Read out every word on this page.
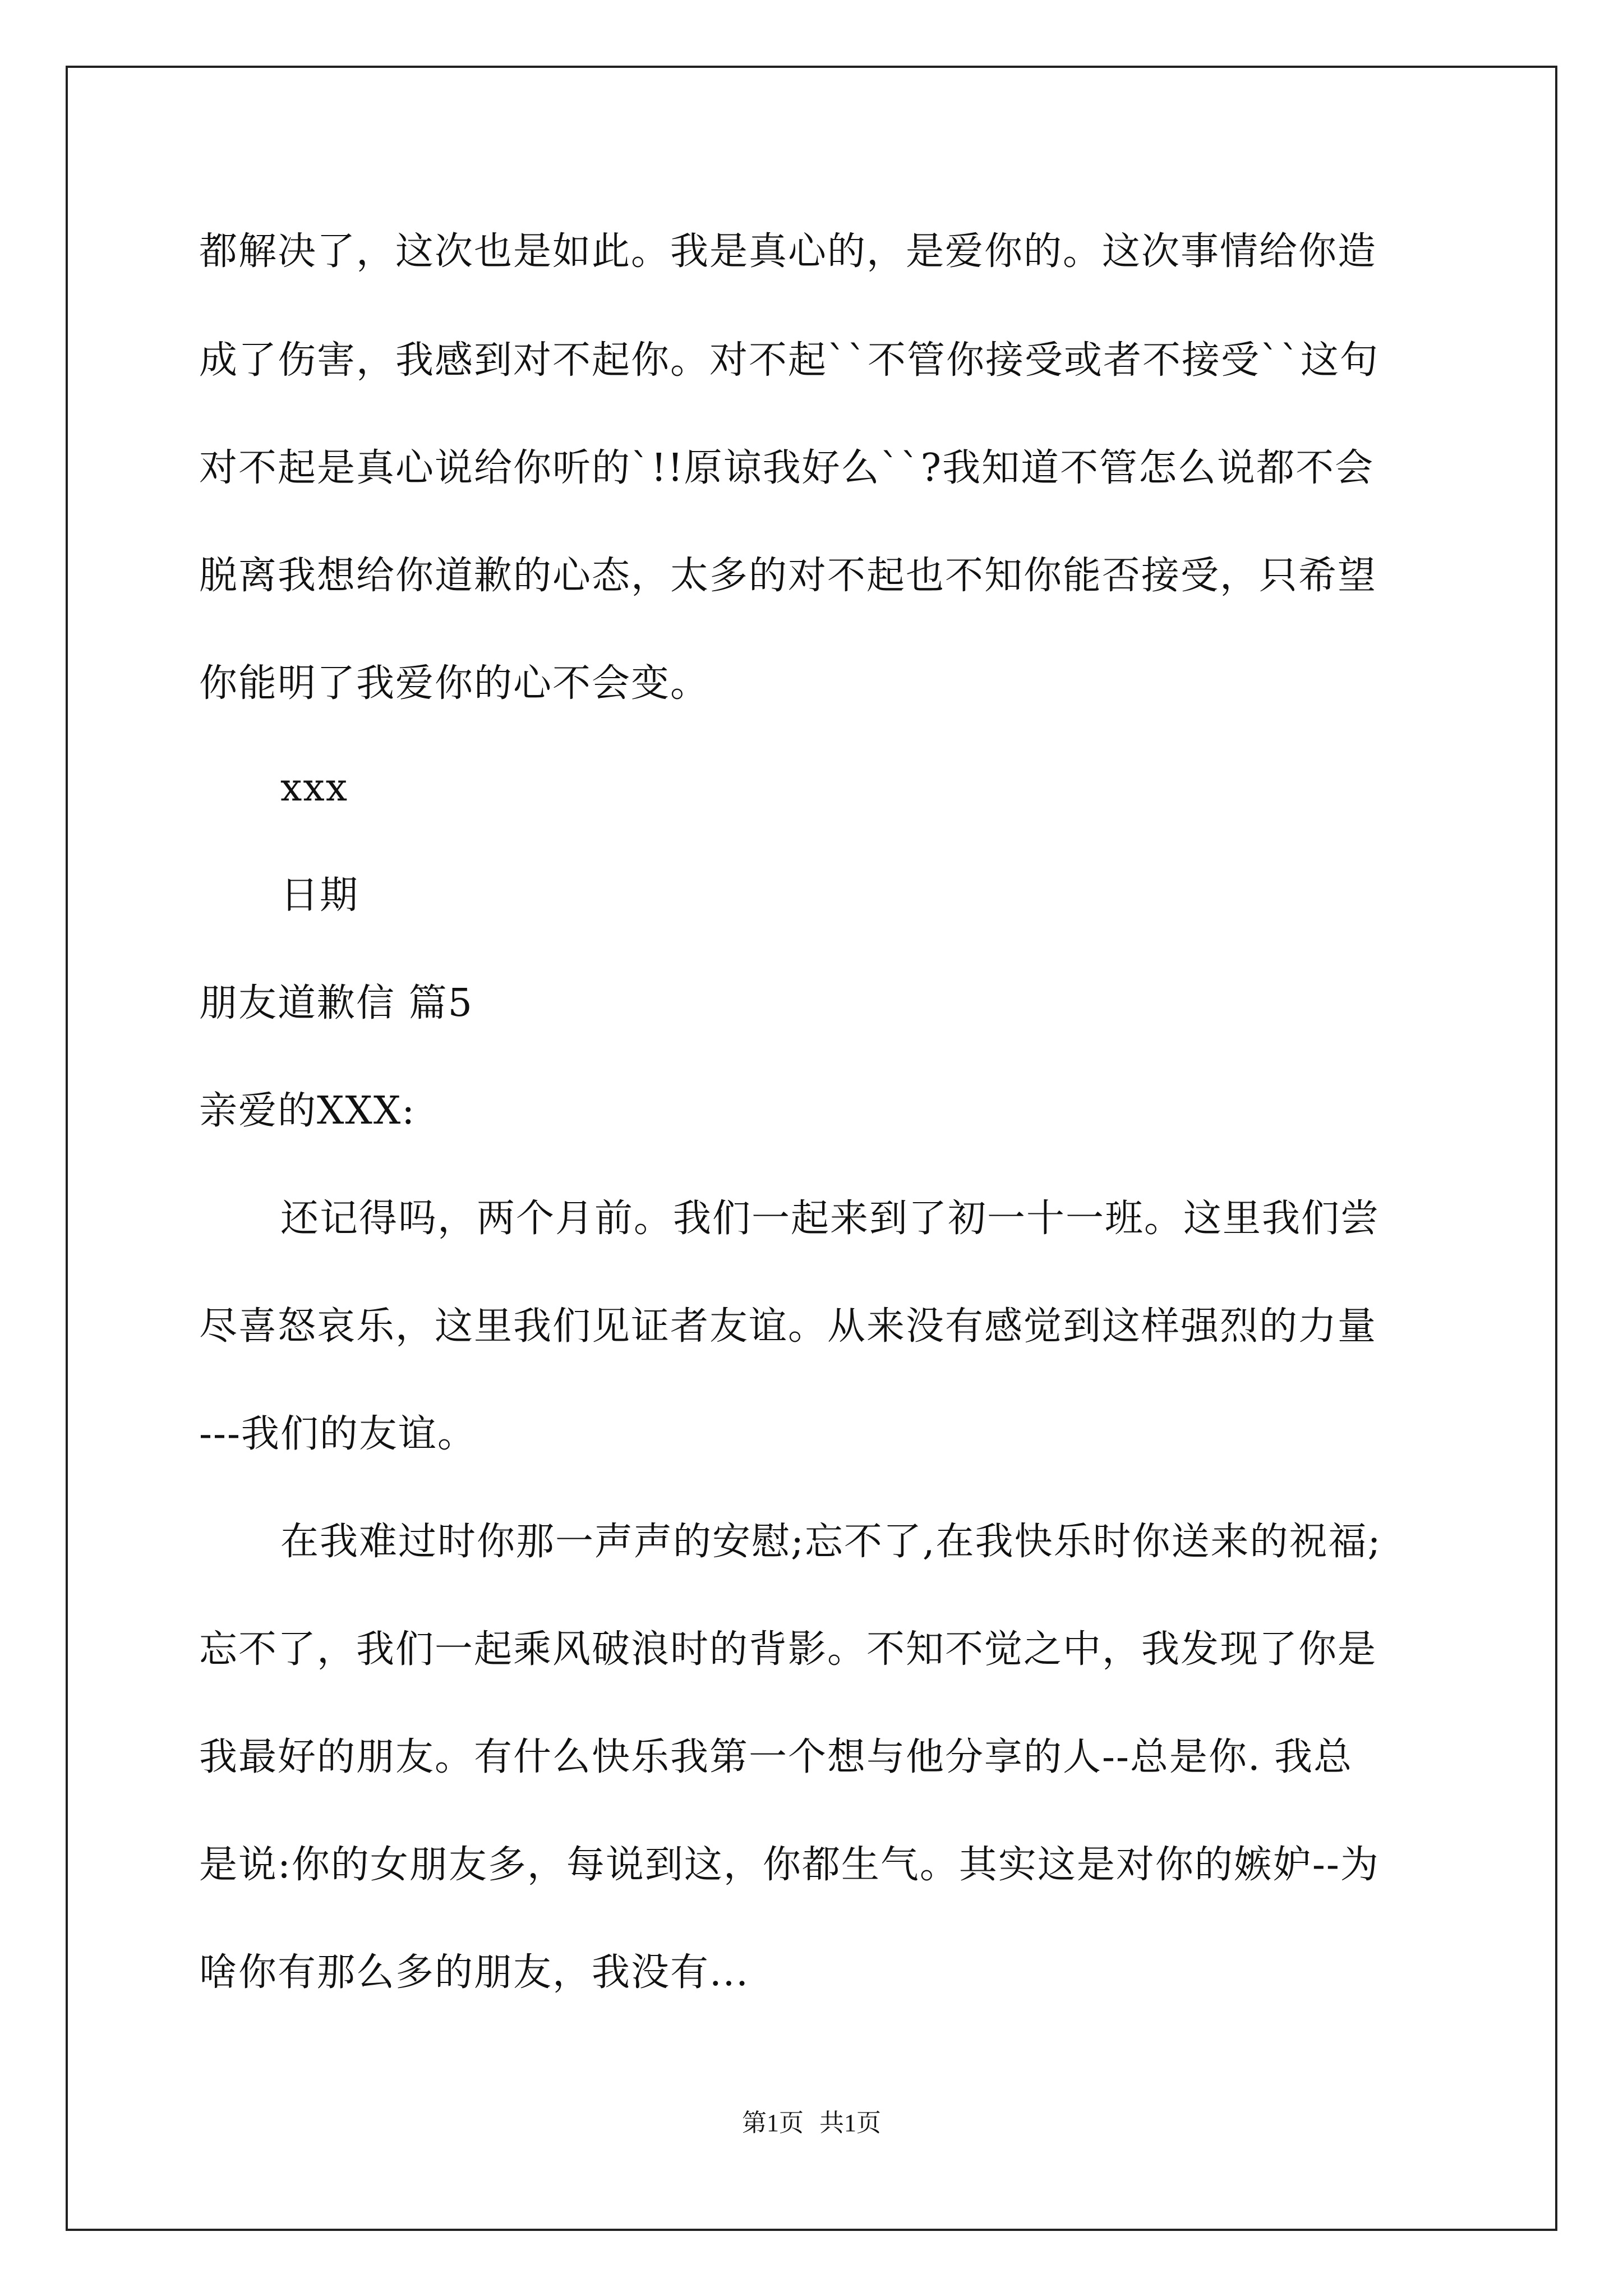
都解决了，这次也是如此。我是真心的，是爱你的。这次事情给你造
成了伤害，我感到对不起你。对不起``不管你接受或者不接受``这句
对不起是真心说给你听的`!!原谅我好么``?我知道不管怎么说都不会
脱离我想给你道歉的心态，太多的对不起也不知你能否接受，只希望
你能明了我爱你的心不会变。
xxx
日期
朋友道歉信 篇5
亲爱的XXX:
还记得吗，两个月前。我们一起来到了初一十一班。这里我们尝
尽喜怒哀乐，这里我们见证者友谊。从来没有感觉到这样强烈的力量
---我们的友谊。
在我难过时你那一声声的安慰;忘不了,在我快乐时你送来的祝福;
忘不了，我们一起乘风破浪时的背影。不知不觉之中，我发现了你是
我最好的朋友。有什么快乐我第一个想与他分享的人--总是你. 我总
是说:你的女朋友多，每说到这，你都生气。其实这是对你的嫉妒--为
啥你有那么多的朋友，我没有...
第1页 共1页
